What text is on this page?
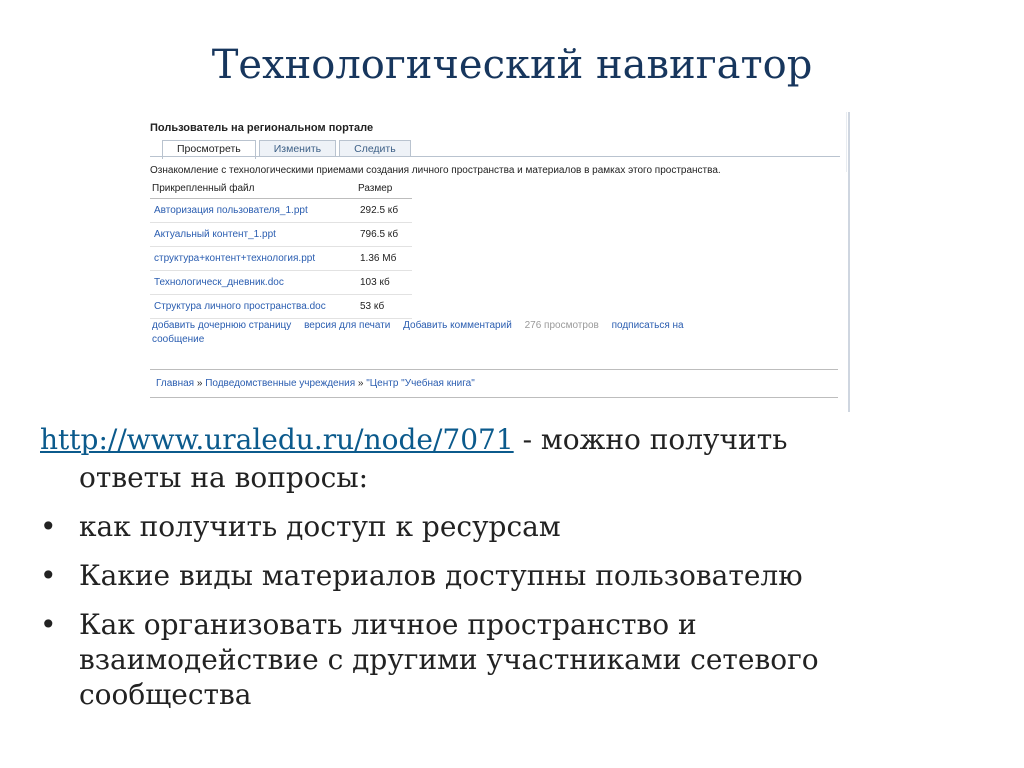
Технологический навигатор
Пользователь на региональном портале
Просмотреть	Изменить	Следить
Ознакомление с технологическими приемами создания личного пространства и материалов в рамках этого пространства.
Прикрепленный файл	Размер
Авторизация пользователя_1.ppt	292.5 кб
Актуальный контент_1.ppt	796.5 кб
структура+контент+технология.ppt	1.36 Мб
Технологическ_дневник.doc	103 кб
Структура личного пространства.doc	53 кб
добавить дочернюю страницу версия для печати Добавить комментарий 276 просмотров подписаться на
сообщение
Главная » Подведомственные учреждения » "Центр "Учебная книга"
http://www.uraledu.ru/node/7071 - можно получить
ответы на вопросы:
• как получить доступ к ресурсам
• Какие виды материалов доступны пользователю
• Как организовать личное пространство и взаимодействие с другими участниками сетевого сообщества
